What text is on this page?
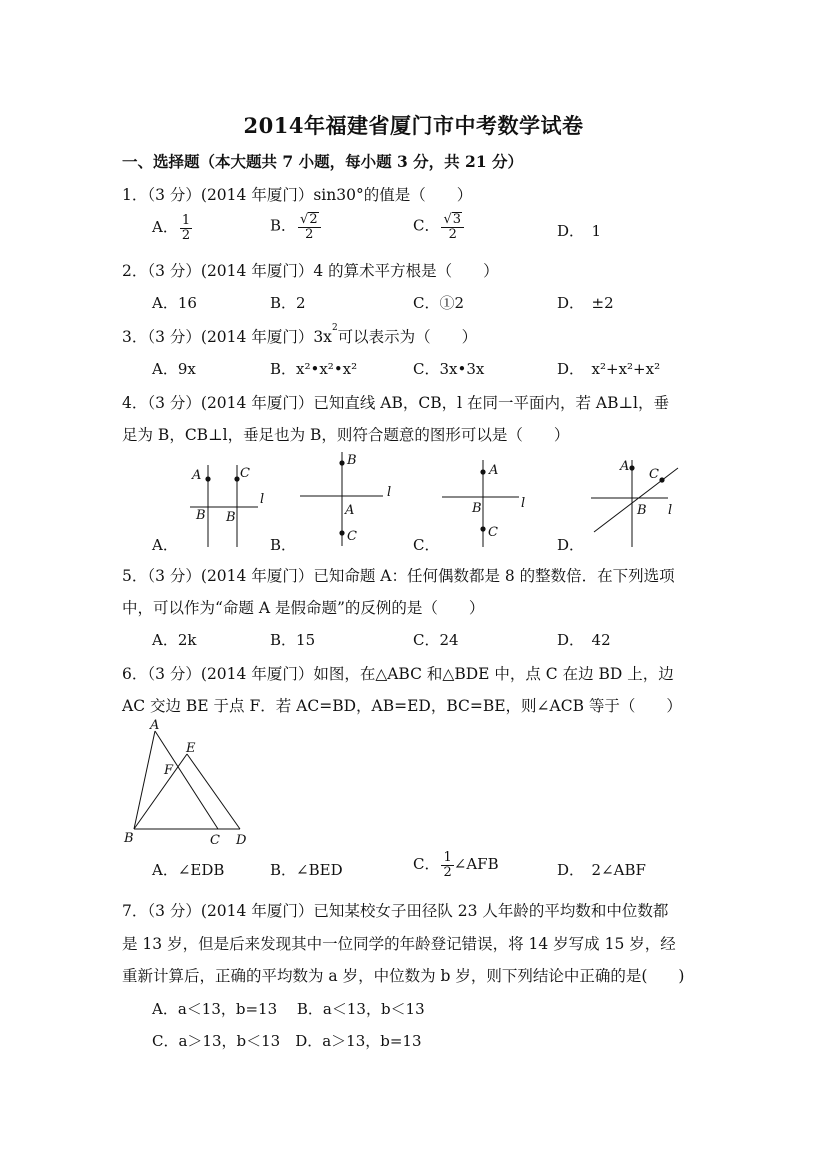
2014年福建省厦门市中考数学试卷
一、选择题（本大题共 7 小题，每小题 3 分，共 21 分）
1．（3 分）(2014 年厦门）sin30°的值是（　　）
A． $\frac{1}{2}$	B． $\frac{√2}{2}$	C． $\frac{√3}{2}$	D．　1
2．（3 分）(2014 年厦门）4 的算术平方根是（　　）
A．16	B．2	C．①2	D．　±2
3．（3 分）(2014 年厦门）$3x^2$可以表示为（　　）
A．9x	B．x²•x²•x²	C．3x•3x	D．　x²+x²+x²
4．（3 分）(2014 年厦门）已知直线 AB，CB，l 在同一平面内，若 AB⊥l，垂
足为 B，CB⊥l，垂足也为 B，则符合题意的图形可以是（　　）
A	C
B B
l
A．
B
A
C
l
B．
A
B
C
l
C．
A
C
B l
D．
5．（3 分）(2014 年厦门）已知命题 A：任何偶数都是 8 的整数倍．在下列选项
中，可以作为“命题 A 是假命题”的反例的是（　　）
A．2k	B．15	C．24	D．　42
6．（3 分）(2014 年厦门）如图，在△ABC 和△BDE 中，点 C 在边 BD 上，边
AC 交边 BE 于点 F．若 AC=BD，AB=ED，BC=BE，则∠ACB 等于（　　）
A
E
F
B	C D
A．∠EDB	B．∠BED	C． $\frac{1}{2}$ ∠AFB	D．　2∠ABF
7．（3 分）(2014 年厦门）已知某校女子田径队 23 人年龄的平均数和中位数都
是 13 岁，但是后来发现其中一位同学的年龄登记错误，将 14 岁写成 15 岁，经
重新计算后，正确的平均数为 a 岁，中位数为 b 岁，则下列结论中正确的是(　　)
A．a＜13，b=13　 B．a＜13，b＜13
C．a＞13，b＜13　D．a＞13，b=13
